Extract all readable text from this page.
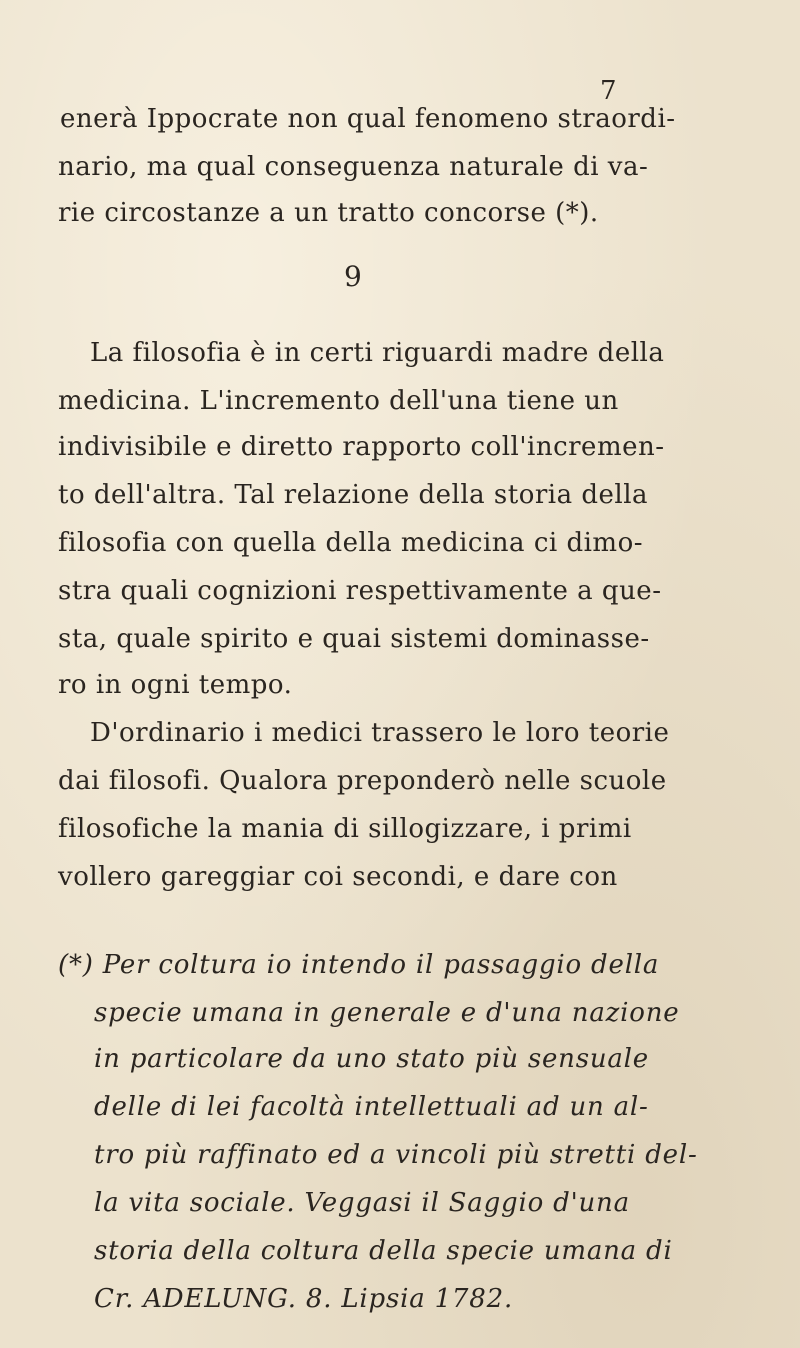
7

enerà Ippocrate non qual fenomeno straordi-

nario, ma qual conseguenza naturale di va-

rie circostanze a un tratto concorse (*).

9

La filosofia è in certi riguardi madre della

medicina. L'incremento dell'una tiene un

indivisibile e diretto rapporto coll'incremen-

to dell'altra. Tal relazione della storia della

filosofia con quella della medicina ci dimo-

stra quali cognizioni respettivamente a que-

sta, quale spirito e quai sistemi dominasse-

ro in ogni tempo.

D'ordinario i medici trassero le loro teorie

dai filosofi. Qualora preponderò nelle scuole

filosofiche la mania di sillogizzare, i primi

vollero gareggiar coi secondi, e dare con

(*) Per coltura io intendo il passaggio della

specie umana in generale e d'una nazione

in particolare da uno stato più sensuale

delle di lei facoltà intellettuali ad un al-

tro più raffinato ed a vincoli più stretti del-

la vita sociale. Veggasi il Saggio d'una

storia della coltura della specie umana di

Cr. ADELUNG. 8. Lipsia 1782.
